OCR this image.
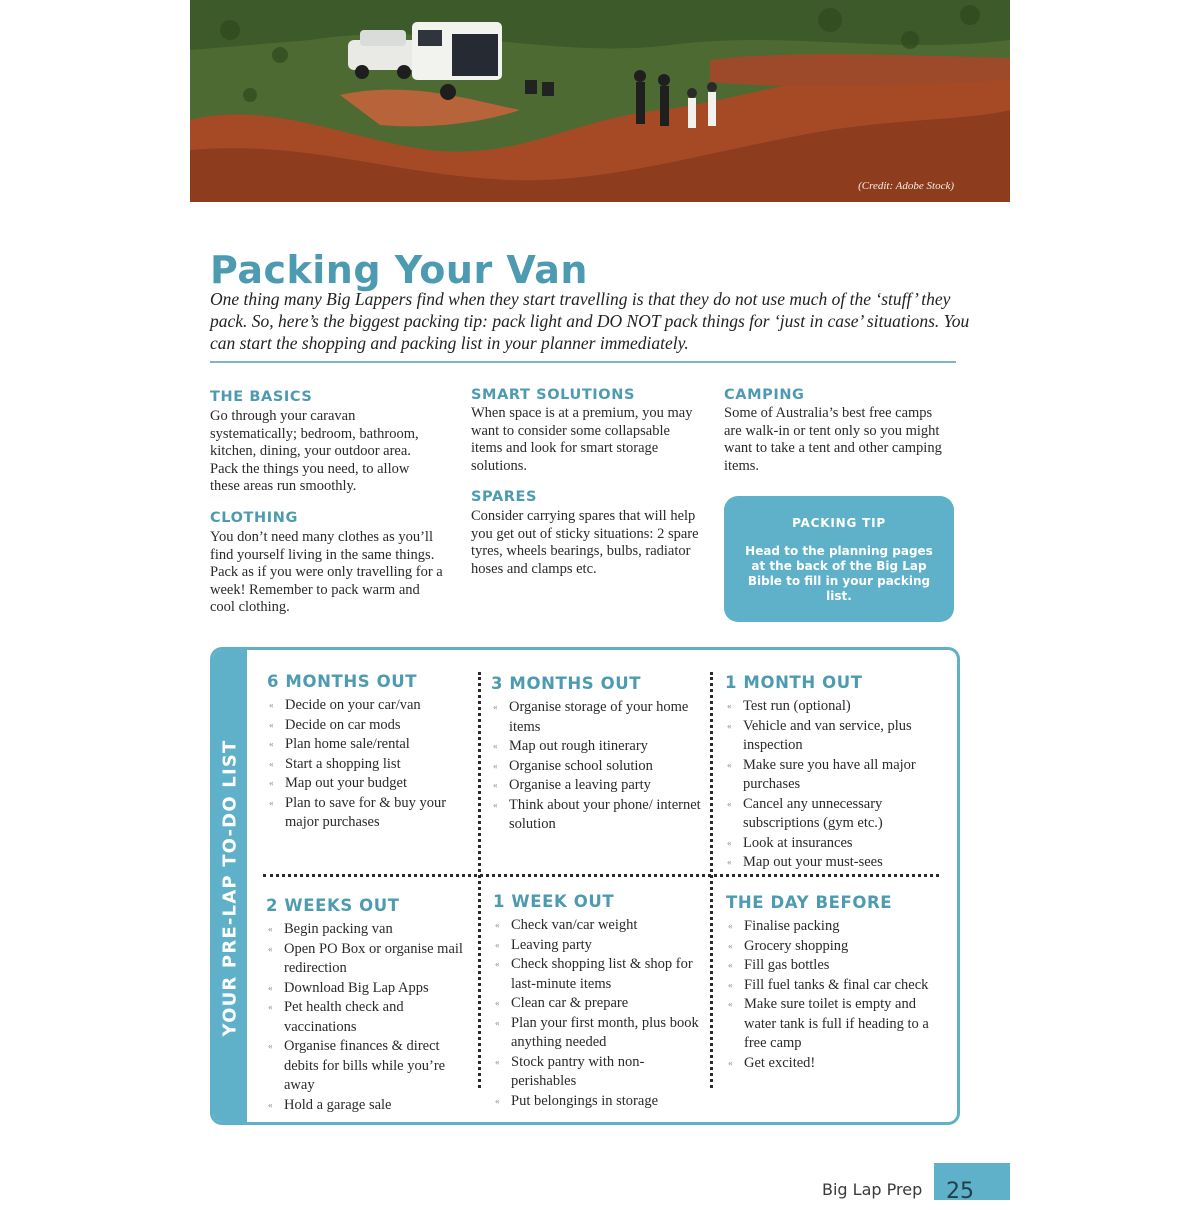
(Credit: Adobe Stock)
Packing Your Van

One thing many Big Lappers find when they start travelling is that they do not use much of the ‘stuff’ they pack. So, here’s the biggest packing tip: pack light and DO NOT pack things for ‘just in case’ situations. You can start the shopping and packing list in your planner immediately.

THE BASICS

Go through your caravan systematically; bedroom, bathroom, kitchen, dining, your outdoor area. Pack the things you need, to allow these areas run smoothly.

CLOTHING

You don’t need many clothes as you’ll find yourself living in the same things. Pack as if you were only travelling for a week! Remember to pack warm and cool clothing.

SMART SOLUTIONS

When space is at a premium, you may want to consider some collapsable items and look for smart storage solutions.

SPARES

Consider carrying spares that will help you get out of sticky situations: 2 spare tyres, wheels bearings, bulbs, radiator hoses and clamps etc.

CAMPING

Some of Australia’s best free camps are walk-in or tent only so you might want to take a tent and other camping items.

PACKING TIP
Head to the planning pages at the back of the Big Lap Bible to fill in your packing list.
YOUR PRE-LAP TO-DO LIST
6 MONTHS OUT
« Decide on your car/van
« Decide on car mods
« Plan home sale/rental
« Start a shopping list
« Map out your budget
« Plan to save for & buy your major purchases
3 MONTHS OUT
« Organise storage of your home items
« Map out rough itinerary
« Organise school solution
« Organise a leaving party
« Think about your phone/ internet solution
1 MONTH OUT
« Test run (optional)
« Vehicle and van service, plus inspection
« Make sure you have all major purchases
« Cancel any unnecessary subscriptions (gym etc.)
« Look at insurances
« Map out your must-sees
2 WEEKS OUT
« Begin packing van
« Open PO Box or organise mail redirection
« Download Big Lap Apps
« Pet health check and vaccinations
« Organise finances & direct debits for bills while you’re away
« Hold a garage sale
1 WEEK OUT
« Check van/car weight
« Leaving party
« Check shopping list & shop for last-minute items
« Clean car & prepare
« Plan your first month, plus book anything needed
« Stock pantry with non-perishables
« Put belongings in storage
THE DAY BEFORE
« Finalise packing
« Grocery shopping
« Fill gas bottles
« Fill fuel tanks & final car check
« Make sure toilet is empty and water tank is full if heading to a free camp
« Get excited!
Big Lap Prep	25
